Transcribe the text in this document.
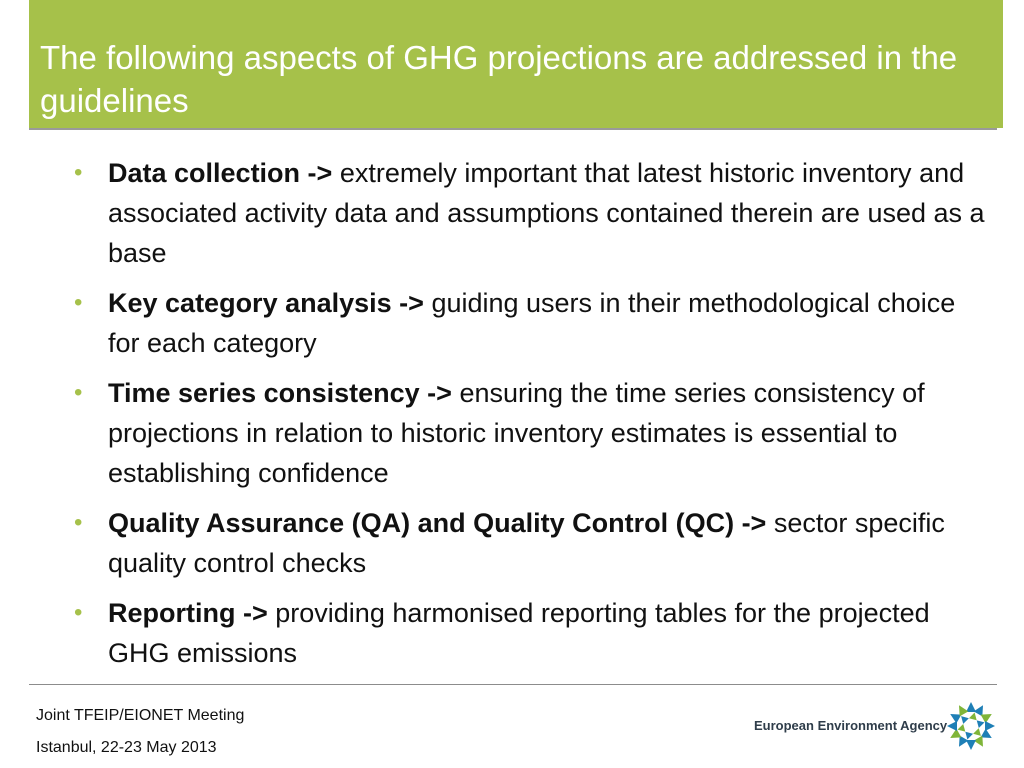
The following aspects of GHG projections are addressed in the guidelines
• Data collection -> extremely important that latest historic inventory and associated activity data and assumptions contained therein are used as a base
• Key category analysis -> guiding users in their methodological choice for each category
• Time series consistency -> ensuring the time series consistency of projections in relation to historic inventory estimates is essential to establishing confidence
• Quality Assurance (QA) and Quality Control (QC) -> sector specific quality control checks
• Reporting -> providing harmonised reporting tables for the projected GHG emissions

Joint TFEIP/EIONET Meeting

Istanbul, 22-23 May 2013

European Environment Agency
